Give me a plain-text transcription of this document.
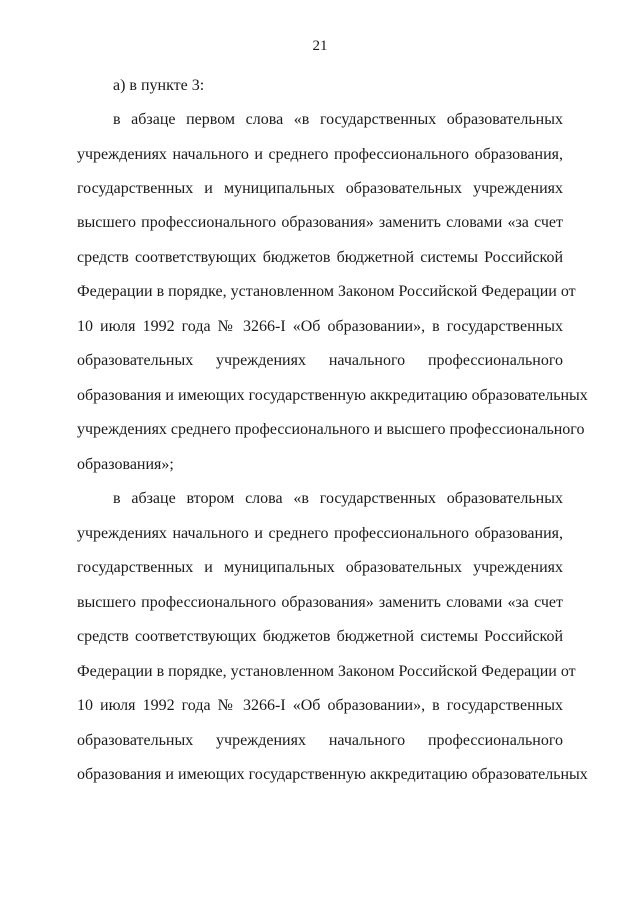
21
а) в пункте 3:
в абзаце первом слова «в государственных образовательных
учреждениях начального и среднего профессионального образования,
государственных и муниципальных образовательных учреждениях
высшего профессионального образования» заменить словами «за счет
средств соответствующих бюджетов бюджетной системы Российской
Федерации в порядке, установленном Законом Российской Федерации от
10 июля 1992 года № 3266-I «Об образовании», в государственных
образовательных учреждениях начального профессионального
образования и имеющих государственную аккредитацию образовательных
учреждениях среднего профессионального и высшего профессионального
образования»;
в абзаце втором слова «в государственных образовательных
учреждениях начального и среднего профессионального образования,
государственных и муниципальных образовательных учреждениях
высшего профессионального образования» заменить словами «за счет
средств соответствующих бюджетов бюджетной системы Российской
Федерации в порядке, установленном Законом Российской Федерации от
10 июля 1992 года № 3266-I «Об образовании», в государственных
образовательных учреждениях начального профессионального
образования и имеющих государственную аккредитацию образовательных
